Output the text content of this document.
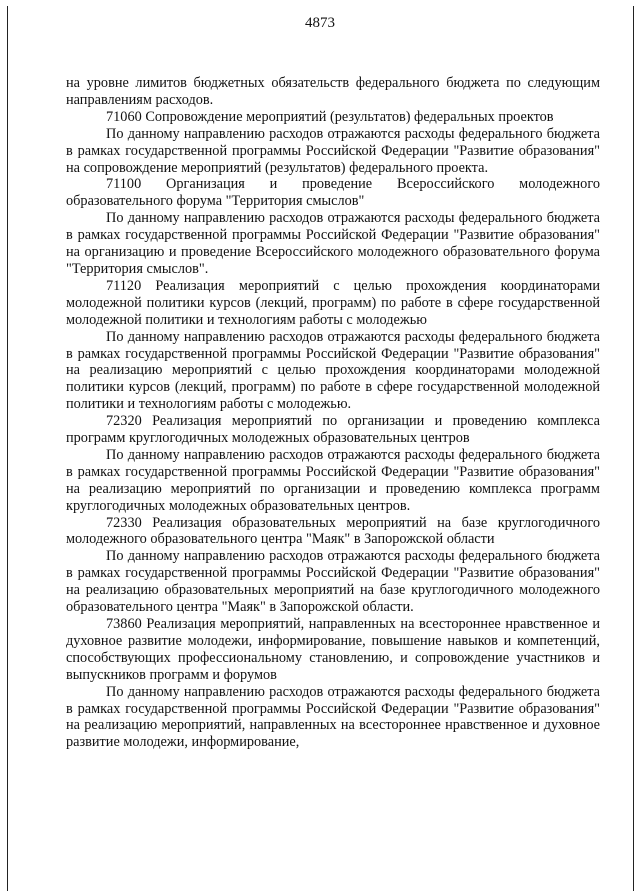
4873

на уровне лимитов бюджетных обязательств федерального бюджета по следующим направлениям расходов.

71060 Сопровождение мероприятий (результатов) федеральных проектов

По данному направлению расходов отражаются расходы федерального бюджета в рамках государственной программы Российской Федерации "Развитие образования" на сопровождение мероприятий (результатов) федерального проекта.

71100 Организация и проведение Всероссийского молодежного образовательного форума "Территория смыслов"

По данному направлению расходов отражаются расходы федерального бюджета в рамках государственной программы Российской Федерации "Развитие образования" на организацию и проведение Всероссийского молодежного образовательного форума "Территория смыслов".

71120 Реализация мероприятий с целью прохождения координаторами молодежной политики курсов (лекций, программ) по работе в сфере государственной молодежной политики и технологиям работы с молодежью

По данному направлению расходов отражаются расходы федерального бюджета в рамках государственной программы Российской Федерации "Развитие образования" на реализацию мероприятий с целью прохождения координаторами молодежной политики курсов (лекций, программ) по работе в сфере государственной молодежной политики и технологиям работы с молодежью.

72320 Реализация мероприятий по организации и проведению комплекса программ круглогодичных молодежных образовательных центров

По данному направлению расходов отражаются расходы федерального бюджета в рамках государственной программы Российской Федерации "Развитие образования" на реализацию мероприятий по организации и проведению комплекса программ круглогодичных молодежных образовательных центров.

72330 Реализация образовательных мероприятий на базе круглогодичного молодежного образовательного центра "Маяк" в Запорожской области

По данному направлению расходов отражаются расходы федерального бюджета в рамках государственной программы Российской Федерации "Развитие образования" на реализацию образовательных мероприятий на базе круглогодичного молодежного образовательного центра "Маяк" в Запорожской области.

73860 Реализация мероприятий, направленных на всестороннее нравственное и духовное развитие молодежи, информирование, повышение навыков и компетенций, способствующих профессиональному становлению, и сопровождение участников и выпускников программ и форумов

По данному направлению расходов отражаются расходы федерального бюджета в рамках государственной программы Российской Федерации "Развитие образования" на реализацию мероприятий, направленных на всестороннее нравственное и духовное развитие молодежи, информирование,
